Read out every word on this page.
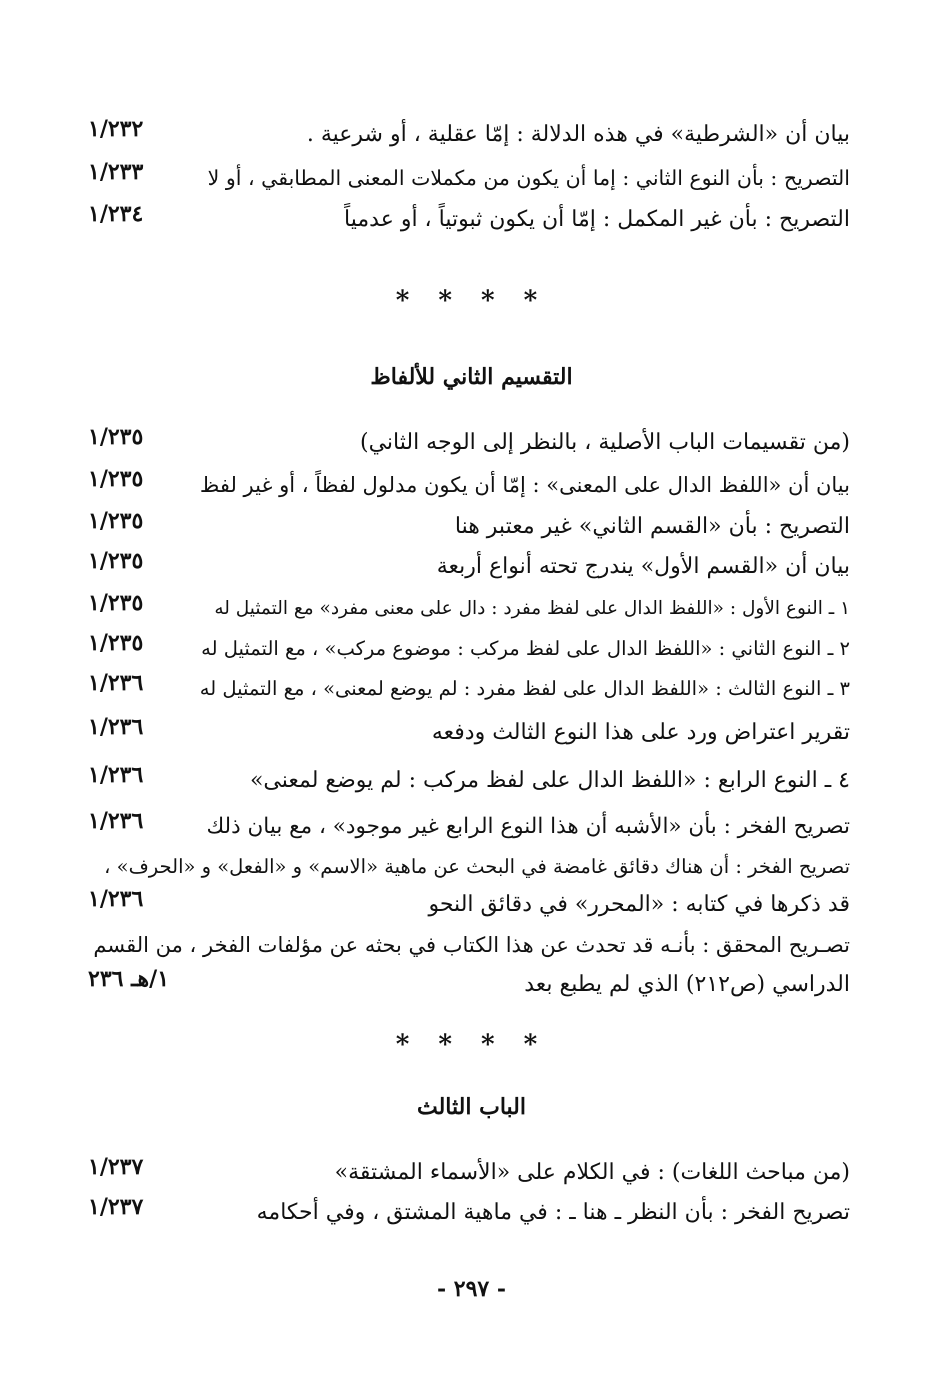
بيان أن «الشرطية» في هذه الدلالة : إمّا عقلية ، أو شرعية .
١/٢٣٢
التصريح : بأن النوع الثاني : إما أن يكون من مكملات المعنى المطابقي ، أو لا
١/٢٣٣
التصريح : بأن غير المكمل : إمّا أن يكون ثبوتياً ، أو عدمياً
١/٢٣٤
* * * *
التقسيم الثاني للألفاظ
(من تقسيمات الباب الأصلية ، بالنظر إلى الوجه الثاني)
١/٢٣٥
بيان أن «اللفظ الدال على المعنى» : إمّا أن يكون مدلول لفظاً ، أو غير لفظ
١/٢٣٥
التصريح : بأن «القسم الثاني» غير معتبر هنا
١/٢٣٥
بيان أن «القسم الأول» يندرج تحته أنواع أربعة
١/٢٣٥
١ ـ النوع الأول : «اللفظ الدال على لفظ مفرد : دال على معنى مفرد» مع التمثيل له
١/٢٣٥
٢ ـ النوع الثاني : «اللفظ الدال على لفظ مركب : موضوع مركب» ، مع التمثيل له
١/٢٣٥
٣ ـ النوع الثالث : «اللفظ الدال على لفظ مفرد : لم يوضع لمعنى» ، مع التمثيل له
١/٢٣٦
تقرير اعتراض ورد على هذا النوع الثالث ودفعه
١/٢٣٦
٤ ـ النوع الرابع : «اللفظ الدال على لفظ مركب : لم يوضع لمعنى»
١/٢٣٦
تصريح الفخر : بأن «الأشبه أن هذا النوع الرابع غير موجود» ، مع بيان ذلك
١/٢٣٦
تصريح الفخر : أن هناك دقائق غامضة في البحث عن ماهية «الاسم» و «الفعل» و «الحرف» ،
قد ذكرها في كتابه : «المحرر» في دقائق النحو
١/٢٣٦
تصـريح المحقق : بأنـه قد تحدث عن هذا الكتاب في بحثه عن مؤلفات الفخر ، من القسم
الدراسي (ص٢١٢) الذي لم يطبع بعد
١/هـ ٢٣٦
* * * *
الباب الثالث
(من مباحث اللغات) : في الكلام على «الأسماء المشتقة»
١/٢٣٧
تصريح الفخر : بأن النظر ـ هنا ـ : في ماهية المشتق ، وفي أحكامه
١/٢٣٧
- ٢٩٧ -
